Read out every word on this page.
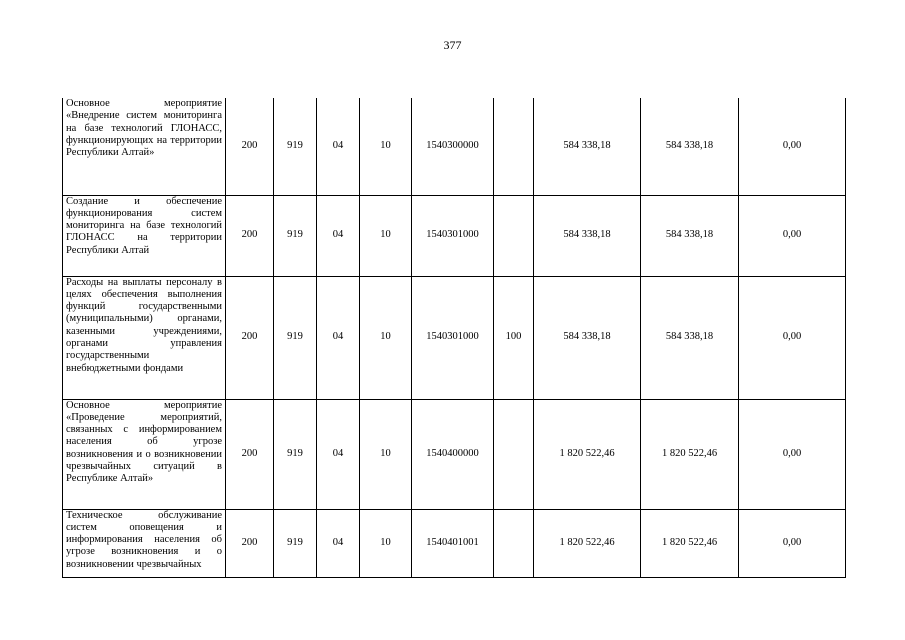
377
Основное мероприятие «Внедрение систем мониторинга на базе технологий ГЛОНАСС, функционирующих на территории Республики Алтай»	200	919	04	10	1540300000		584 338,18	584 338,18	0,00
Создание и обеспечение функционирования систем мониторинга на базе технологий ГЛОНАСС на территории Республики Алтай	200	919	04	10	1540301000		584 338,18	584 338,18	0,00
Расходы на выплаты персоналу в целях обеспечения выполнения функций государственными (муниципальными) органами, казенными учреждениями, органами управления государственными внебюджетными фондами	200	919	04	10	1540301000	100	584 338,18	584 338,18	0,00
Основное мероприятие «Проведение мероприятий, связанных с информированием населения об угрозе возникновения и о возникновении чрезвычайных ситуаций в Республике Алтай»	200	919	04	10	1540400000		1 820 522,46	1 820 522,46	0,00
Техническое обслуживание систем оповещения и информирования населения об угрозе возникновения и о возникновении чрезвычайных	200	919	04	10	1540401001		1 820 522,46	1 820 522,46	0,00
